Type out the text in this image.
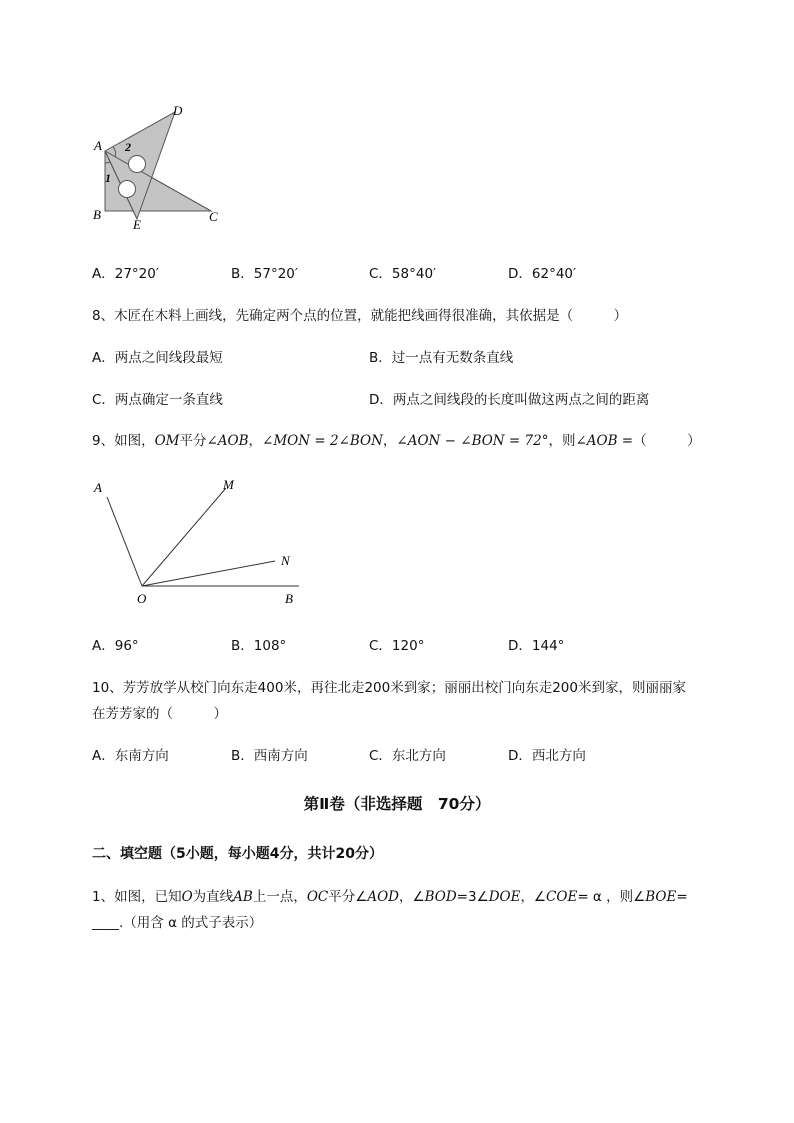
A
D
B
E
C
1
2
A．27°20′	B．57°20′	C．58°40′	D．62°40′
8、木匠在木料上画线，先确定两个点的位置，就能把线画得很准确，其依据是（　　　）
A．两点之间线段最短	B．过一点有无数条直线
C．两点确定一条直线	D．两点之间线段的长度叫做这两点之间的距离
9、如图，OM平分∠AOB，∠MON = 2∠BON，∠AON − ∠BON = 72°，则∠AOB =（　　　）
A	M
N
O	B
A．96°	B．108°	C．120°	D．144°
10、芳芳放学从校门向东走400米，再往北走200米到家；丽丽出校门向东走200米到家，则丽丽家
在芳芳家的（　　　）
A．东南方向	B．西南方向	C．东北方向	D．西北方向
第Ⅱ卷（非选择题　70分）
二、填空题（5小题，每小题4分，共计20分）
1、如图，已知O为直线AB上一点，OC平分∠AOD，∠BOD=3∠DOE，∠COE= α ，则∠BOE=
____.（用含 α 的式子表示）
